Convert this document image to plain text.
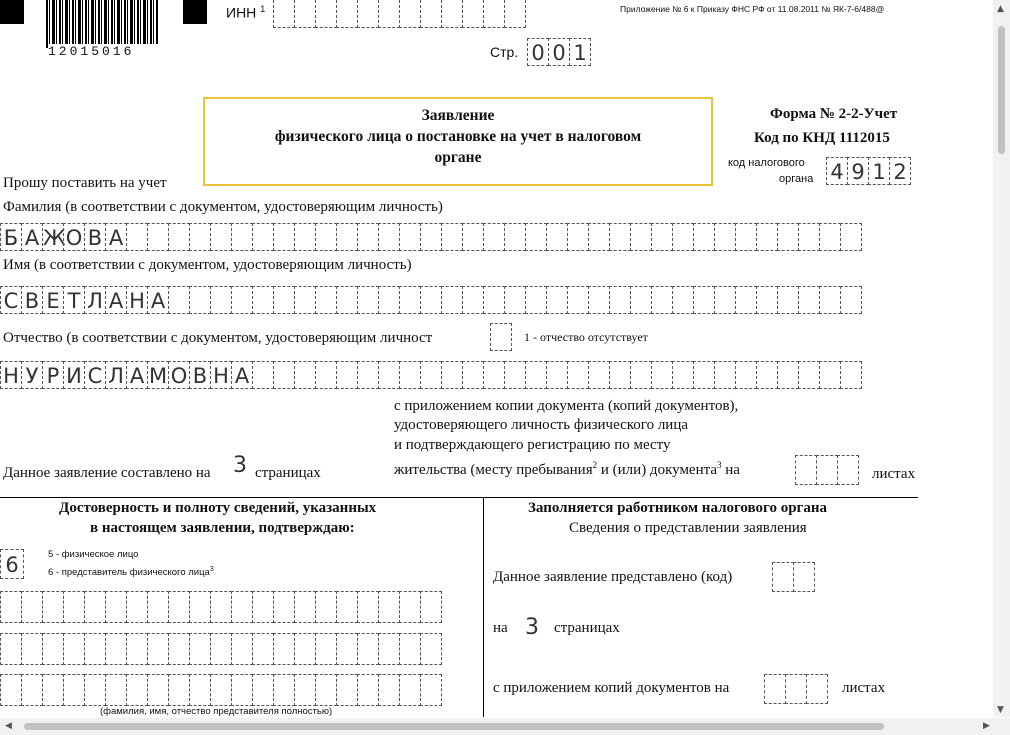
12015016
ИНН $^1$	Приложение № 6 к Приказу ФНС РФ от 11.08.2011 № ЯК-7-6/488@
Стр. 0 0 1
Заявление
физического лица о постановке на учет в налоговом
органе
Форма № 2-2-Учет
Код по КНД 1112015
код налогового
органа 4 9 1 2
Прошу поставить на учет
Фамилия (в соответствии с документом, удостоверяющим личность)
Б А Ж О В А
Имя (в соответствии с документом, удостоверяющим личность)
С В Е Т Л А Н А
Отчество (в соответствии с документом, удостоверяющим личност	1 - отчество отсутствует
Н У Р И С Л А М О В Н А
с приложением копии документа (копий документов),
удостоверяющего личность физического лица
и подтверждающего регистрацию по месту
жительства (месту пребывания$^2$ и (или) документа$^3$ на	листах
Данное заявление составлено на 3 страницах
Достоверность и полноту сведений, указанных
в настоящем заявлении, подтверждаю:
6	5 - физическое лицо
6 - представитель физического лица$^3$
(фамилия, имя, отчество представителя полностью)
Заполняется работником налогового органа
Сведения о представлении заявления
Данное заявление представлено (код)
на 3 страницах
с приложением копий документов на	листах
▲
▼
◀	▶
